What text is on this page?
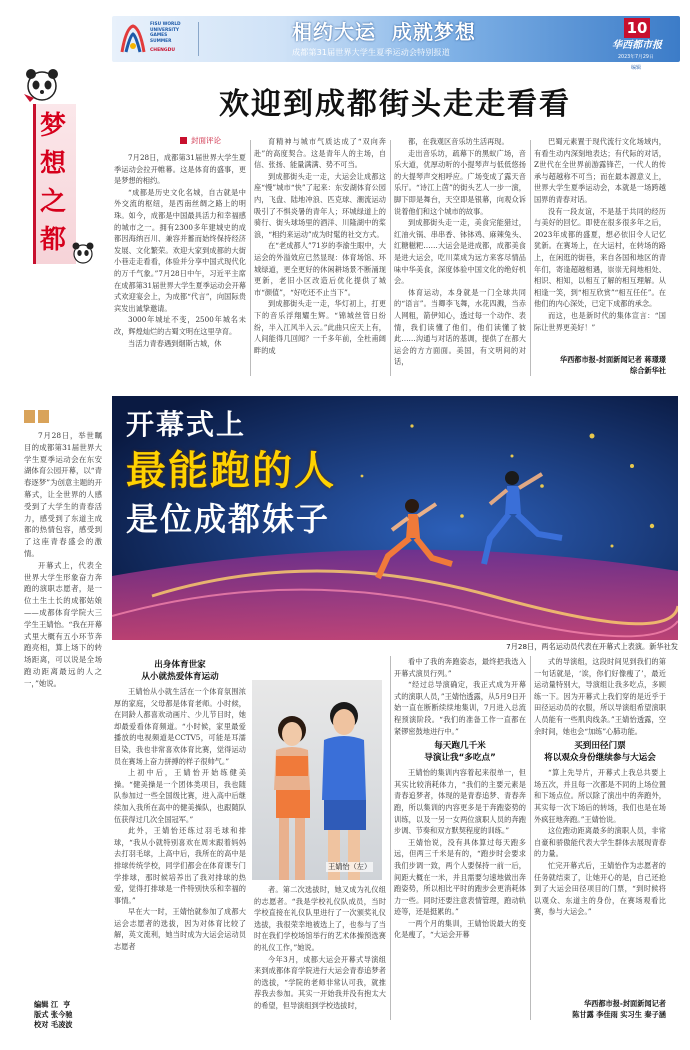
FISU WORLD UNIVERSITY GAMES SUMMER
CHENGDU
相约大运  成就梦想
成都第31届世界大学生夏季运动会特别报道
10
华西都市报
2023年7月29日
编辑
梦
想
之
都
欢迎到成都街头走走看看
封面评论

7月28日，成都第31届世界大学生夏季运动会拉开帷幕。这是体育的盛事，更是梦想的相约。

“成都是历史文化名城，自古就是中外交流的枢纽，是西南丝绸之路上的明珠。如今，成都是中国最具活力和幸福感的城市之一。拥有2300多年建城史的成都因海纳百川、兼容并蓄而始终保持经济发展、文化繁荣。欢迎大家到成都的大街小巷走走看看，体验并分享中国式现代化的万千气象。”7月28日中午，习近平主席在成都第31届世界大学生夏季运动会开幕式欢迎宴会上，为成都“代言”，向国际贵宾发出诚挚邀请。

3000年城址不变，2500年城名未改，辉煌灿烂的古蜀文明在这里孕育。

当活力青春遇到烟斯古城，休

育精神与城市气质达成了“双向奔赴”的高度契合。这是青年人的主场，自信、张扬、能量满满、势不可当。

到成都街头走一走，大运会让成都这座“慢”城市“快”了起来：东安湖体育公园内，飞盘、陆地冲浪、匹克球、潮流运动吸引了不惧炎暑的青年人；环城绿道上的骑行、街头球场里的酒洋、川隆湖中的桨浪，“相约来运动”成为时髦的社交方式。

在“老成都人”71岁的李渝生眼中，大运会的外溢效应已然显现：体育场馆、环城绿道，更全更好的休闲耕场景不断涌现更新，老旧小区改造后优化提供了城市“颜值”，“好吃还不止当下”。

到成都街头走一走，华灯初上，打更下的音乐浮翔耀生辉。“锦城丝管日纷纷，半入江风半入云。”此曲只应天上有，人间能得几回闻？一千多年前，全杜甫阔畔的成

都，在我观区音乐坊生活再现。

走出音乐坊，疏幕下的黑蚁广场，音乐大道，优厚动听的小提琴声与低低悠扬的大提琴声交相呼应。广场变成了露天音乐厅。“诗江上茵”的街头艺人一步一演，脚下即是舞台，天空即是银幕，向观众诉说着他们和这个城市的故事。

到成都街头走一走，美食完能猎过，红油火锅、串串香、钵钵鸡、麻辣兔头、红糖糍粑……大运会是进成都，成都美食是进大运会，吃川菜成为远方来客尽情品味中华美食，深度体验中国文化的绝好机会。

体育运动，本身就是一门全球共同的“语言”。当卿李飞舞，水花四溅，当赤人网粗，箭伊知心，透过每一个动作、表情，我们读懂了他们，他们读懂了彼此……沟通与对话的基调，提供了在都大运会的方方面面。美国，有文明间的对话，

巴蜀元素置于现代流行文化场域内，有看生动内深刻地表达；有代际的对话，Z世代在全世界前游露锋芒，一代人的传承与超越称不可当；而在最本源意义上，世界大学生夏季运动会，本就是一场跨越国界的青春对话。

没有一段友谊，不是基于共同的经历与美好的回忆。即使在很多很多年之后，2023年成都的盛夏，想必依旧令人记忆犹新。在赛场上，在大运村，在转场的路上，在闲逛的街巷，来自各国和地区的青年们，寄逢超越相遇，崇崇无间地相处、相识、相知，以相互了解的相互理解。从相逢一笑，到“相互欣赏”“相互任任”。在他们的内心深处，已定下成都的承念。

而这，也是新时代的集体宣言：“国际让世界更美好！”

华西都市报-封面新闻记者 蒋璟璟
综合新华社

7月28日，举世瞩目的成都第31届世界大学生夏季运动会在东安湖体育公园开幕，以“青春逐梦”为创意主题的开幕式，让全世界的人感受到了大学生的青春活力，感受到了东道主成都的热情包容，感受到了这座青春盛会的激情。

开幕式上，代表全世界大学生形象奋力奔跑的演职志愿者，是一位土生土长的成都姑娘——成都体育学院大三学生王婧怡。“我在开幕式里大概有五小环节奔跑亮相，算上场下的转场距离，可以说是全场跑动距离最远的人之一，”她说。

开幕式上
最能跑的人
是位成都妹子
7月28日，两名运动员代表在开幕式上表演。新华社发
出身体育世家
从小就热爱体育运动

王婧怡从小就生活在一个体育氛围浓厚的家庭，父母都是体育老师。小时候，在同龄人都喜欢动画片、少儿节目时，她却最爱看体育频道。“小时候，家里最爱播放的电视频道是CCTV5，可能是耳濡目染，我也非常喜欢体育比赛，觉得运动员在赛场上奋力拼搏的样子很帅气。”

上初中后，王婧怡开始练健美操。“健美操是一个团体类项目，我也随队参加过一些全国级比赛，进入高中后继续加入我所在高中的健美操队，也跟随队伍获得过几次全国冠军。”

此外，王婧怡还练过羽毛球和排球，“我从小就特别喜欢在周末跟着妈妈去打羽毛球，上高中后，我所在的高中是排球传统学校，同学们都会在体育课专门学排球，那时候培养出了我对排球的热爱，觉得打排球是一件特别快乐和幸福的事情。”

早在大一时，王婧怡就参加了成都大运会志愿者的选拔，因为对体育比较了解，英文流利，她当时成为大运会运动员志愿者

王婧怡（左）

者。第二次选拔时，她又成为礼仪组的志愿者。“我是学校礼仪队成员，当时学校直接在礼仪队里进行了一次颁奖礼仪选拔，我很荣幸地被选上了，也参与了当时在我们学校场馆举行的艺术体操预选赛的礼仪工作，”她说。

今年3月，成都大运会开幕式导演组来到成都体育学院进行大运会青春追梦者的选拔，“学院的老师非常认可我，就推荐我去参加。其实一开始我并没有抱太大的希望，但导演组到学校选拔时，

看中了我的奔跑姿态，最终把我选入开幕式演员行列。”

“经过总导演确定，我正式成为开幕式的演职人员，”王婧怡透露，从5月9日开始一直在断断续续地集训，7月进入总流程预演阶段。“我们的准备工作一直都在紧锣密鼓地进行中。”

每天跑几千米
导演让我“多吃点”

王婧怡的集训内容着起来很单一，但其实比较消耗体力，“我们的主要元素是青春追梦者，体现的是青春追梦、青春奔跑，所以集训的内容更多是于奔跑姿势的训练，以及一另一女两位演职人员的奔跑步调、节奏和双方默契程度的训练。”

王婧怡说，没有具体算过每天跑多远，但两三千米是有的，“跑步时会要求我们步调一致，两个人要保持一前一后，间距大概在一米，并且需要匀速地做出奔跑姿势，所以相比平时的跑步会更消耗体力一些。同时还要注意表情管理，跑动轨迹等，还是挺累的。”

一两个月的集训，王婧怡说最大的变化是瘦了，“大运会开幕

式的导演组，这段时间见到我们的第一句话就是，‘诶，你们好像瘦了’，最近运动量特别大，导演组让我多吃点，多顾练一下。因为开幕式上我们穿的是近乎于田径运动员的衣服，所以导演组希望演职人员能有一些肌肉线条。”王婧怡透露，空余时间，她也会“加练”心肺功能。

买到田径门票
将以观众身份继续参与大运会

“算上先导片，开幕式上我总共要上场五次，并且每一次都是不同的上场位置和下场点位。所以除了演出中的奔跑外，其实每一次下场后的转场，我们也是在场外疯狂地奔跑。”王婧怡说。

这位跑动距离最多的演职人员，非常自豪和骄傲能代表大学生群体去展现青春的力量。

忙完开幕式后，王婧怡作为志愿者的任务就结束了，让她开心的是，自己还抢到了大运会田径项目的门票，“到时候将以观众、东道主的身份，在赛场观看比赛，参与大运会。”

华西都市报-封面新闻记者
陈甘露 李佳雨 实习生 秦子涵
编辑 江  亨
版式 张今驰
校对 毛凌波
